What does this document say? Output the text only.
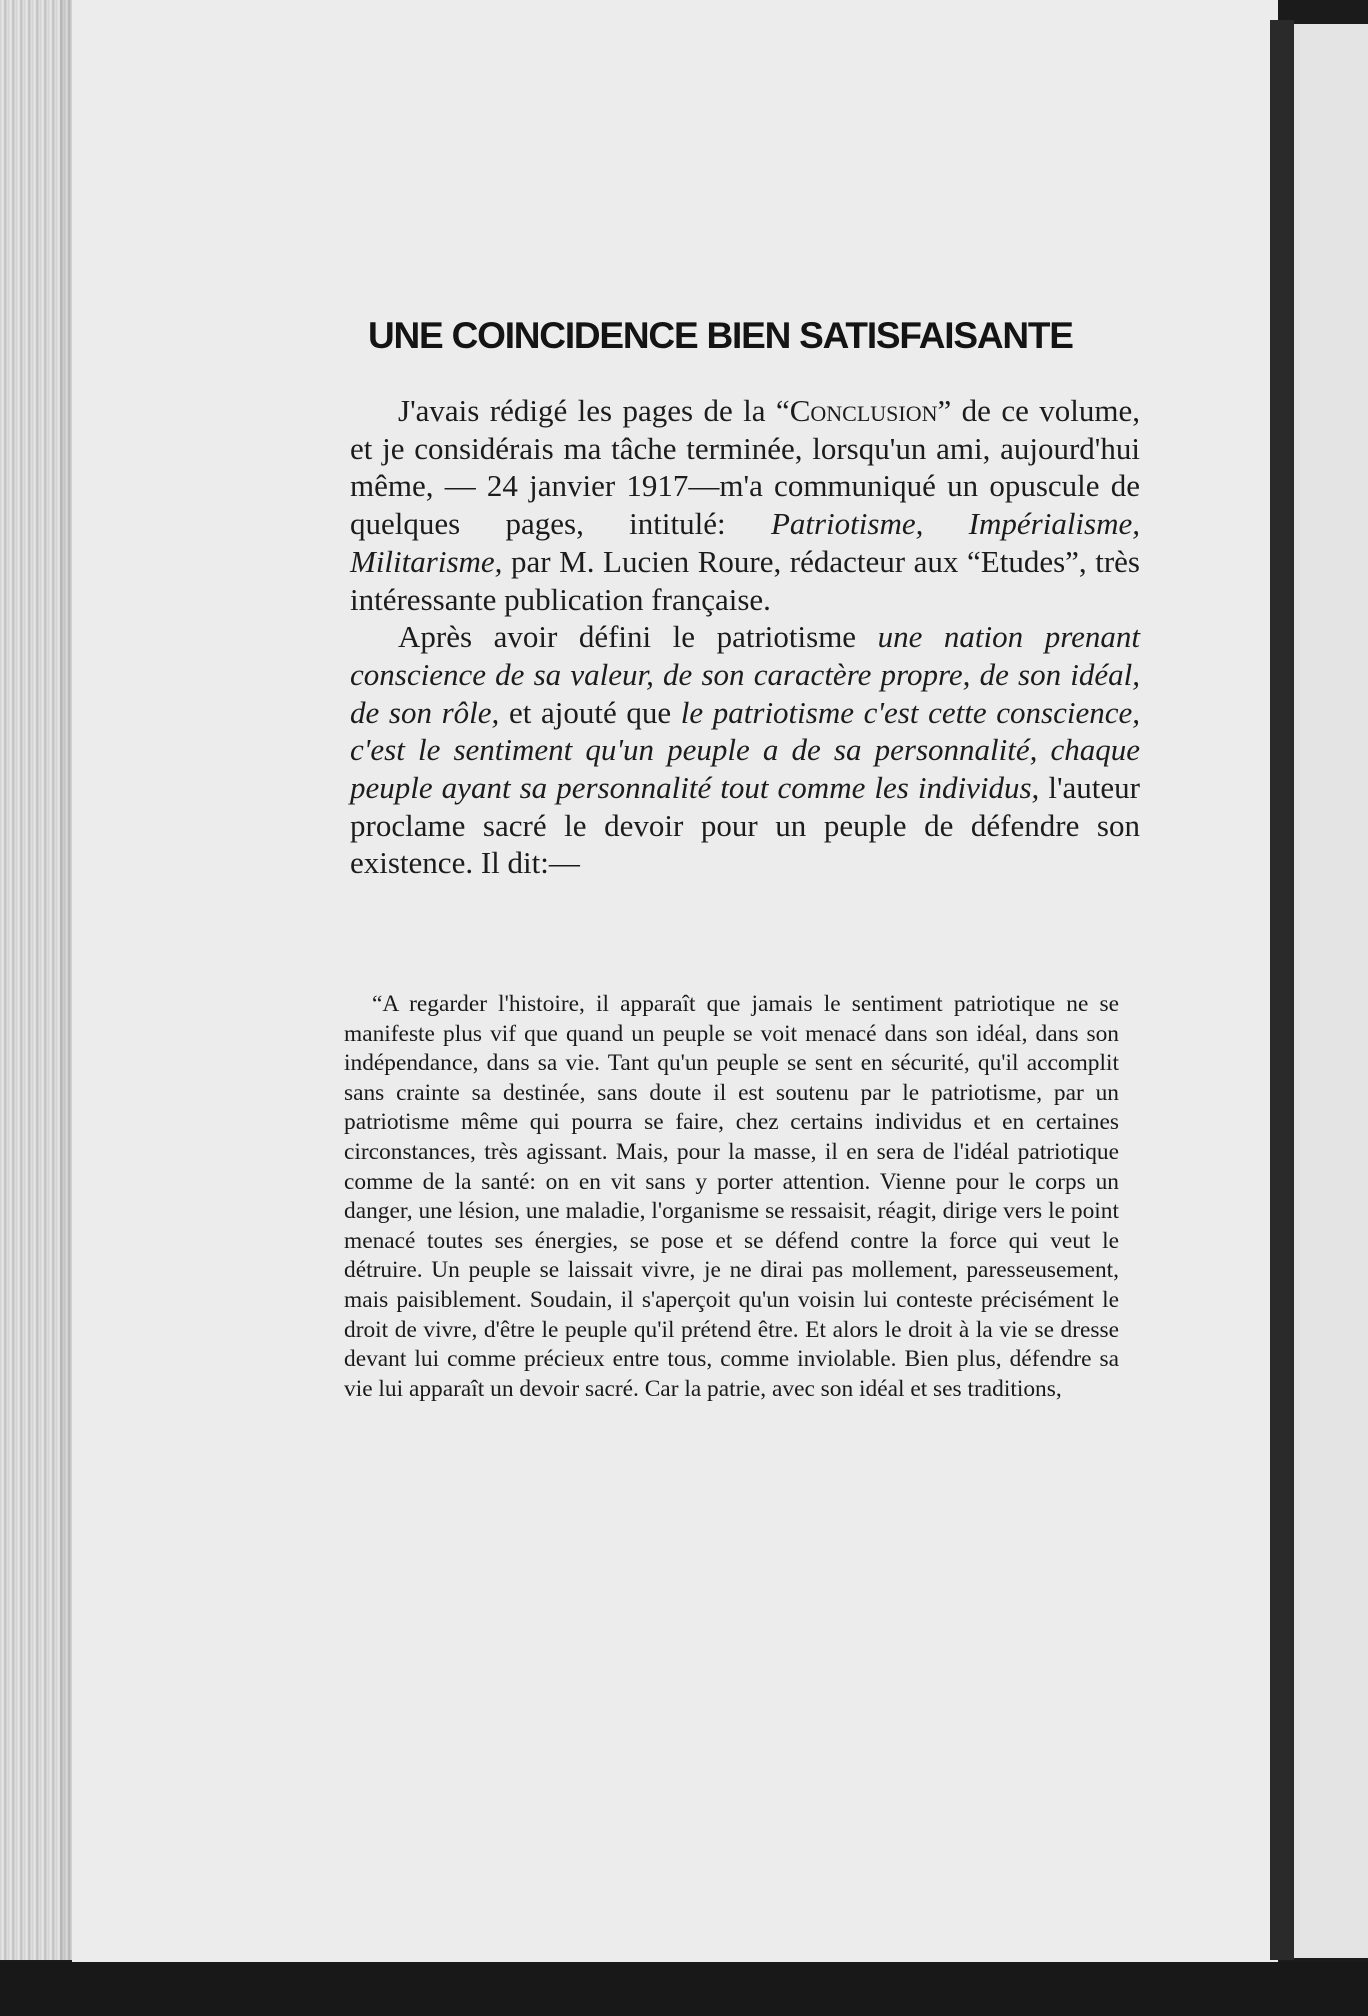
UNE COINCIDENCE BIEN SATISFAISANTE

J'avais rédigé les pages de la “Conclusion” de ce volume, et je considérais ma tâche terminée, lorsqu'un ami, aujourd'hui même, — 24 janvier 1917—m'a communiqué un opuscule de quelques pages, intitulé: Patriotisme, Impérialisme, Militarisme, par M. Lucien Roure, rédacteur aux “Etudes”, très intéressante publication française.

Après avoir défini le patriotisme une nation prenant conscience de sa valeur, de son caractère propre, de son idéal, de son rôle, et ajouté que le patriotisme c'est cette conscience, c'est le sentiment qu'un peuple a de sa personnalité, chaque peuple ayant sa personnalité tout comme les individus, l'auteur proclame sacré le devoir pour un peuple de défendre son existence. Il dit:—

“A regarder l'histoire, il apparaît que jamais le sentiment patriotique ne se manifeste plus vif que quand un peuple se voit menacé dans son idéal, dans son indépendance, dans sa vie. Tant qu'un peuple se sent en sécurité, qu'il accomplit sans crainte sa destinée, sans doute il est soutenu par le patriotisme, par un patriotisme même qui pourra se faire, chez certains individus et en certaines circonstances, très agissant. Mais, pour la masse, il en sera de l'idéal patriotique comme de la santé: on en vit sans y porter attention. Vienne pour le corps un danger, une lésion, une maladie, l'organisme se ressaisit, réagit, dirige vers le point menacé toutes ses énergies, se pose et se défend contre la force qui veut le détruire. Un peuple se laissait vivre, je ne dirai pas mollement, paresseusement, mais paisiblement. Soudain, il s'aperçoit qu'un voisin lui conteste précisément le droit de vivre, d'être le peuple qu'il prétend être. Et alors le droit à la vie se dresse devant lui comme précieux entre tous, comme inviolable. Bien plus, défendre sa vie lui apparaît un devoir sacré. Car la patrie, avec son idéal et ses traditions,
